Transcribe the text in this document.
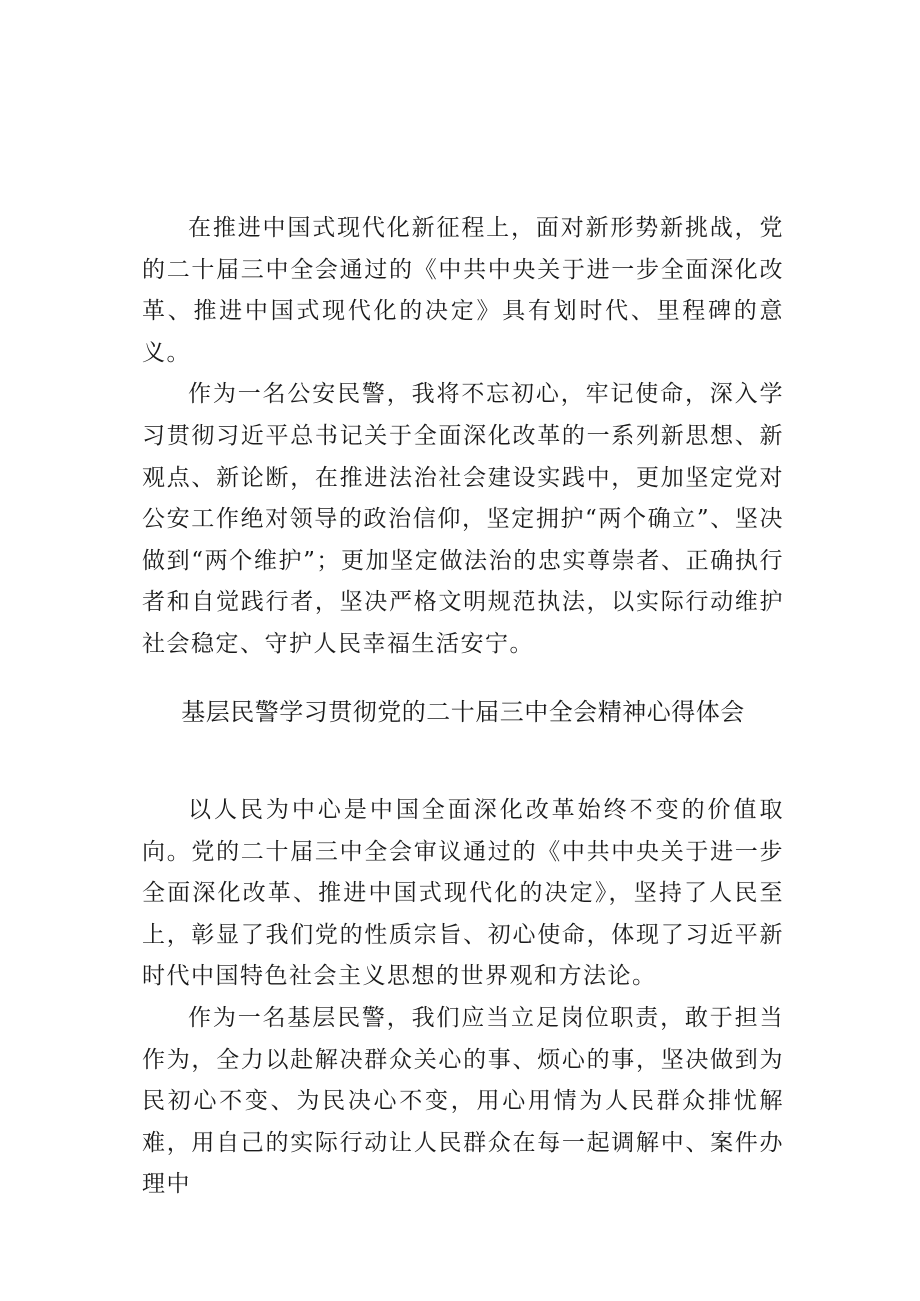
在推进中国式现代化新征程上，面对新形势新挑战，党的二十届三中全会通过的《中共中央关于进一步全面深化改革、推进中国式现代化的决定》具有划时代、里程碑的意义。

作为一名公安民警，我将不忘初心，牢记使命，深入学习贯彻习近平总书记关于全面深化改革的一系列新思想、新观点、新论断，在推进法治社会建设实践中，更加坚定党对公安工作绝对领导的政治信仰，坚定拥护“两个确立”、坚决做到“两个维护”；更加坚定做法治的忠实尊崇者、正确执行者和自觉践行者，坚决严格文明规范执法，以实际行动维护社会稳定、守护人民幸福生活安宁。

基层民警学习贯彻党的二十届三中全会精神心得体会

以人民为中心是中国全面深化改革始终不变的价值取向。党的二十届三中全会审议通过的《中共中央关于进一步全面深化改革、推进中国式现代化的决定》，坚持了人民至上，彰显了我们党的性质宗旨、初心使命，体现了习近平新时代中国特色社会主义思想的世界观和方法论。

作为一名基层民警，我们应当立足岗位职责，敢于担当作为，全力以赴解决群众关心的事、烦心的事，坚决做到为民初心不变、为民决心不变，用心用情为人民群众排忧解难，用自己的实际行动让人民群众在每一起调解中、案件办理中
